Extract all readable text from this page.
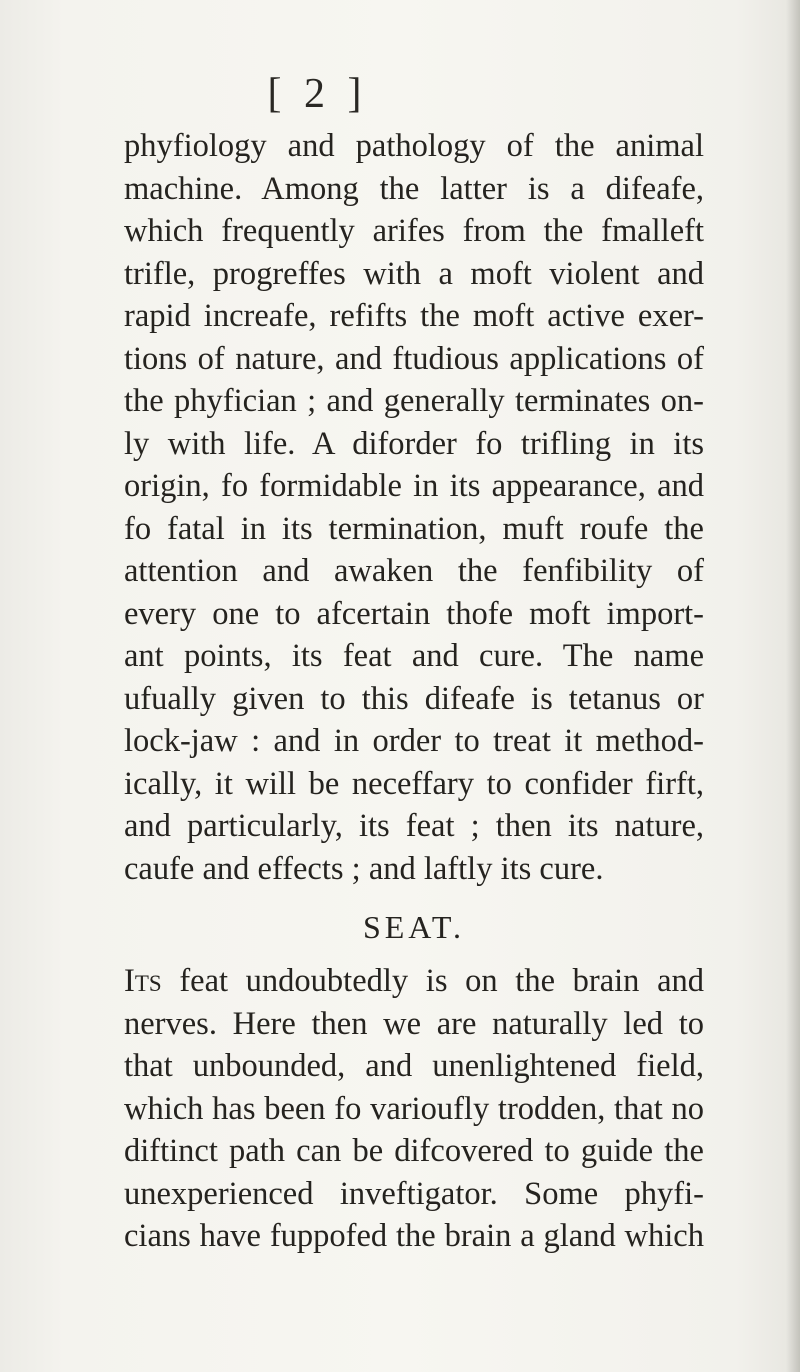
[ 2 ]
phyfiology and pathology of the animal
machine. Among the latter is a difeafe,
which frequently arifes from the fmalleft
trifle, progreffes with a moft violent and
rapid increafe, refifts the moft active exer-
tions of nature, and ftudious applications of
the phyfician ; and generally terminates on-
ly with life. A diforder fo trifling in its
origin, fo formidable in its appearance, and
fo fatal in its termination, muft roufe the
attention and awaken the fenfibility of
every one to afcertain thofe moft import-
ant points, its feat and cure. The name
ufually given to this difeafe is tetanus or
lock-jaw : and in order to treat it method-
ically, it will be neceffary to confider firft,
and particularly, its feat ; then its nature,
caufe and effects ; and laftly its cure.
SEAT.
Its feat undoubtedly is on the brain and
nerves. Here then we are naturally led to
that unbounded, and unenlightened field,
which has been fo varioufly trodden, that no
diftinct path can be difcovered to guide the
unexperienced inveftigator. Some phyfi-
cians have fuppofed the brain a gland which
